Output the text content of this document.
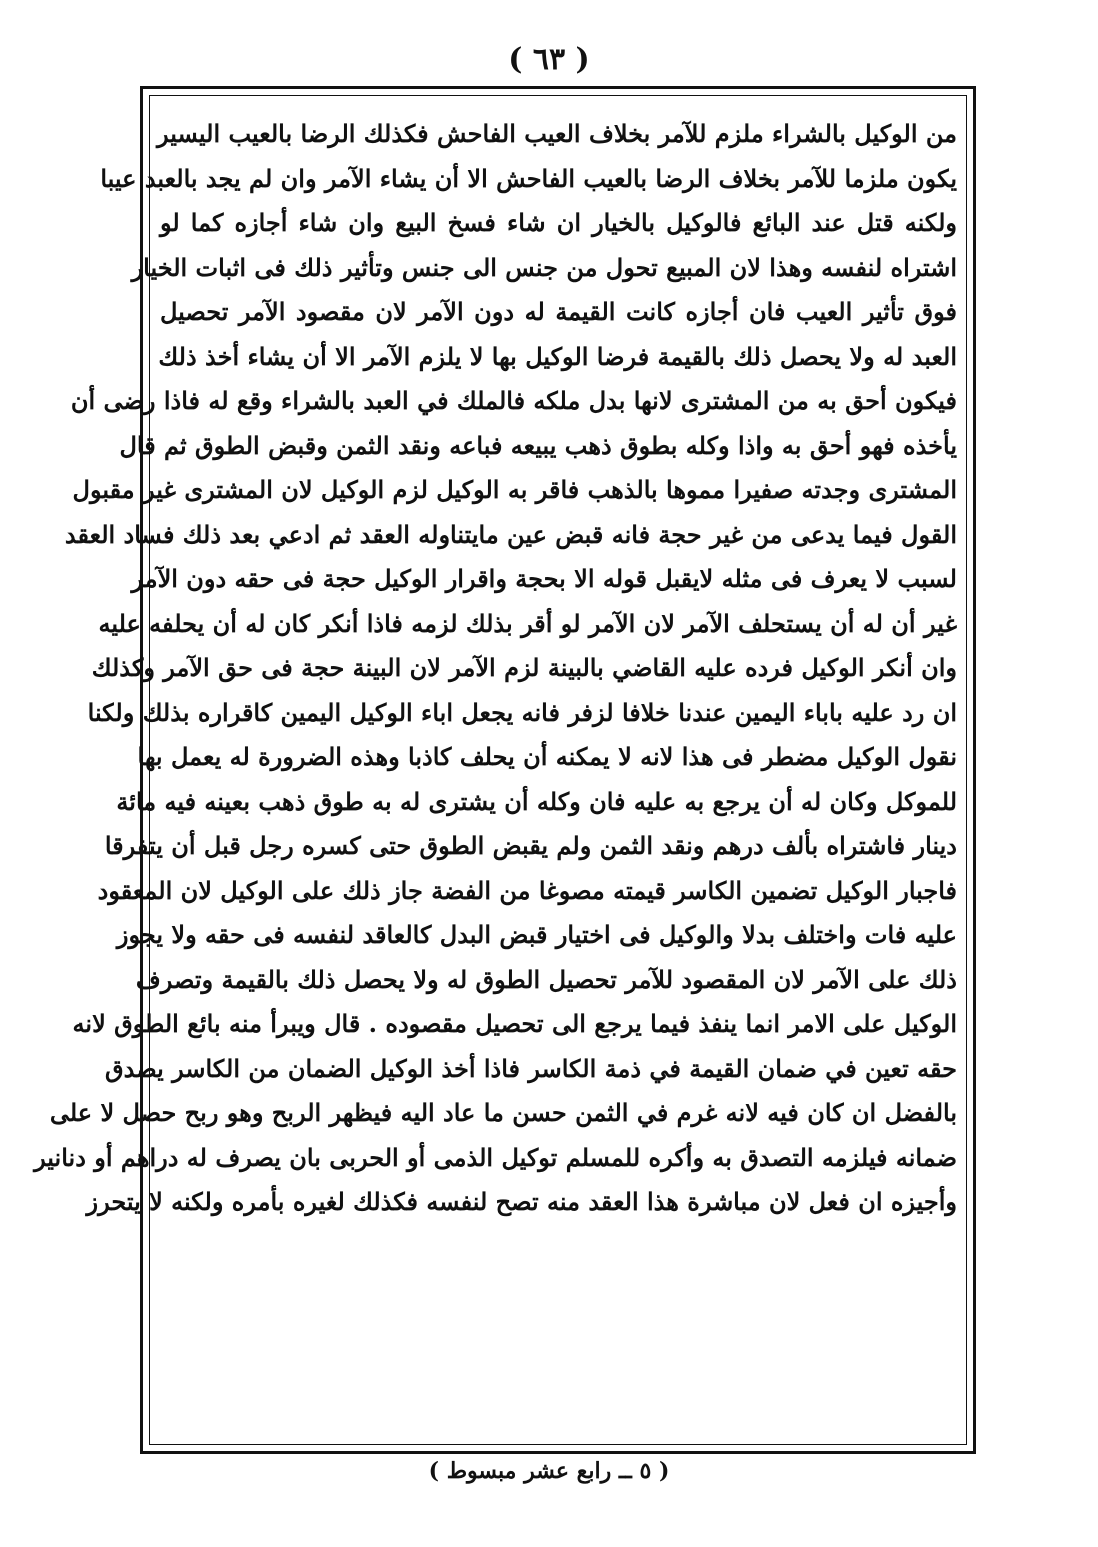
( ٦٣ )
من الوكيل بالشراء ملزم للآمر بخلاف العيب الفاحش فكذلك الرضا بالعيب اليسير
يكون ملزما للآمر بخلاف الرضا بالعيب الفاحش الا أن يشاء الآمر وان لم يجد بالعبد عيبا
ولكنه قتل عند البائع فالوكيل بالخيار ان شاء فسخ البيع وان شاء أجازه كما لو
اشتراه لنفسه وهذا لان المبيع تحول من جنس الى جنس وتأثير ذلك فى اثبات الخيار
فوق تأثير العيب فان أجازه كانت القيمة له دون الآمر لان مقصود الآمر تحصيل
العبد له ولا يحصل ذلك بالقيمة فرضا الوكيل بها لا يلزم الآمر الا أن يشاء أخذ ذلك
فيكون أحق به من المشترى لانها بدل ملكه فالملك في العبد بالشراء وقع له فاذا رضى أن
يأخذه فهو أحق به واذا وكله بطوق ذهب يبيعه فباعه ونقد الثمن وقبض الطوق ثم قال
المشترى وجدته صفيرا مموها بالذهب فاقر به الوكيل لزم الوكيل لان المشترى غير مقبول
القول فيما يدعى من غير حجة فانه قبض عين مايتناوله العقد ثم ادعي بعد ذلك فساد العقد
لسبب لا يعرف فى مثله لايقبل قوله الا بحجة واقرار الوكيل حجة فى حقه دون الآمر
غير أن له أن يستحلف الآمر لان الآمر لو أقر بذلك لزمه فاذا أنكر كان له أن يحلفه عليه
وان أنكر الوكيل فرده عليه القاضي بالبينة لزم الآمر لان البينة حجة فى حق الآمر وكذلك
ان رد عليه باباء اليمين عندنا خلافا لزفر فانه يجعل اباء الوكيل اليمين كاقراره بذلك ولكنا
نقول الوكيل مضطر فى هذا لانه لا يمكنه أن يحلف كاذبا وهذه الضرورة له يعمل بها
للموكل وكان له أن يرجع به عليه فان وكله أن يشترى له به طوق ذهب بعينه فيه مائة
دينار فاشتراه بألف درهم ونقد الثمن ولم يقبض الطوق حتى كسره رجل قبل أن يتفرقا
فاجبار الوكيل تضمين الكاسر قيمته مصوغا من الفضة جاز ذلك على الوكيل لان المعقود
عليه فات واختلف بدلا والوكيل فى اختيار قبض البدل كالعاقد لنفسه فى حقه ولا يجوز
ذلك على الآمر لان المقصود للآمر تحصيل الطوق له ولا يحصل ذلك بالقيمة وتصرف
الوكيل على الامر انما ينفذ فيما يرجع الى تحصيل مقصوده . قال ويبرأ منه بائع الطوق لانه
حقه تعين في ضمان القيمة في ذمة الكاسر فاذا أخذ الوكيل الضمان من الكاسر يصدق
بالفضل ان كان فيه لانه غرم في الثمن حسن ما عاد اليه فيظهر الربح وهو ربح حصل لا على
ضمانه فيلزمه التصدق به وأكره للمسلم توكيل الذمى أو الحربى بان يصرف له دراهم أو دنانير
وأجيزه ان فعل لان مباشرة هذا العقد منه تصح لنفسه فكذلك لغيره بأمره ولكنه لا يتحرز
( ٥ ــ رابع عشر مبسوط )
